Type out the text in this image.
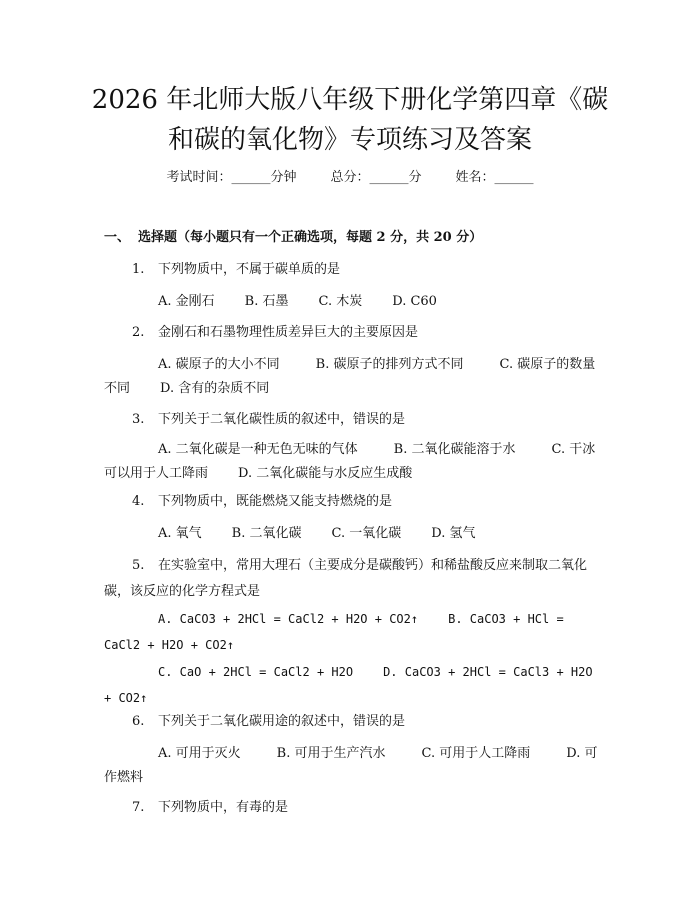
2026 年北师大版八年级下册化学第四章《碳
和碳的氧化物》专项练习及答案
考试时间：______分钟	总分：______分	姓名：______
一、 选择题（每小题只有一个正确选项，每题 2 分，共 20 分）
1. 下列物质中，不属于碳单质的是
A. 金刚石 B. 石墨 C. 木炭 D. C60
2. 金刚石和石墨物理性质差异巨大的主要原因是
A. 碳原子的大小不同	B. 碳原子的排列方式不同	C. 碳原子的数量不同 D. 含有的杂质不同
3. 下列关于二氧化碳性质的叙述中，错误的是
A. 二氧化碳是一种无色无味的气体	B. 二氧化碳能溶于水	C. 干冰可以用于人工降雨 D. 二氧化碳能与水反应生成酸
4. 下列物质中，既能燃烧又能支持燃烧的是
A. 氧气 B. 二氧化碳 C. 一氧化碳 D. 氢气
5. 在实验室中，常用大理石（主要成分是碳酸钙）和稀盐酸反应来制取二氧化碳，该反应的化学方程式是
A. CaCO3 + 2HCl = CaCl2 + H2O + CO2↑	B. CaCO3 + HCl = CaCl2 + H2O + CO2↑
C. CaO + 2HCl = CaCl2 + H2O	D. CaCO3 + 2HCl = CaCl3 + H2O + CO2↑
6. 下列关于二氧化碳用途的叙述中，错误的是
A. 可用于灭火	B. 可用于生产汽水	C. 可用于人工降雨	D. 可作燃料
7. 下列物质中，有毒的是
